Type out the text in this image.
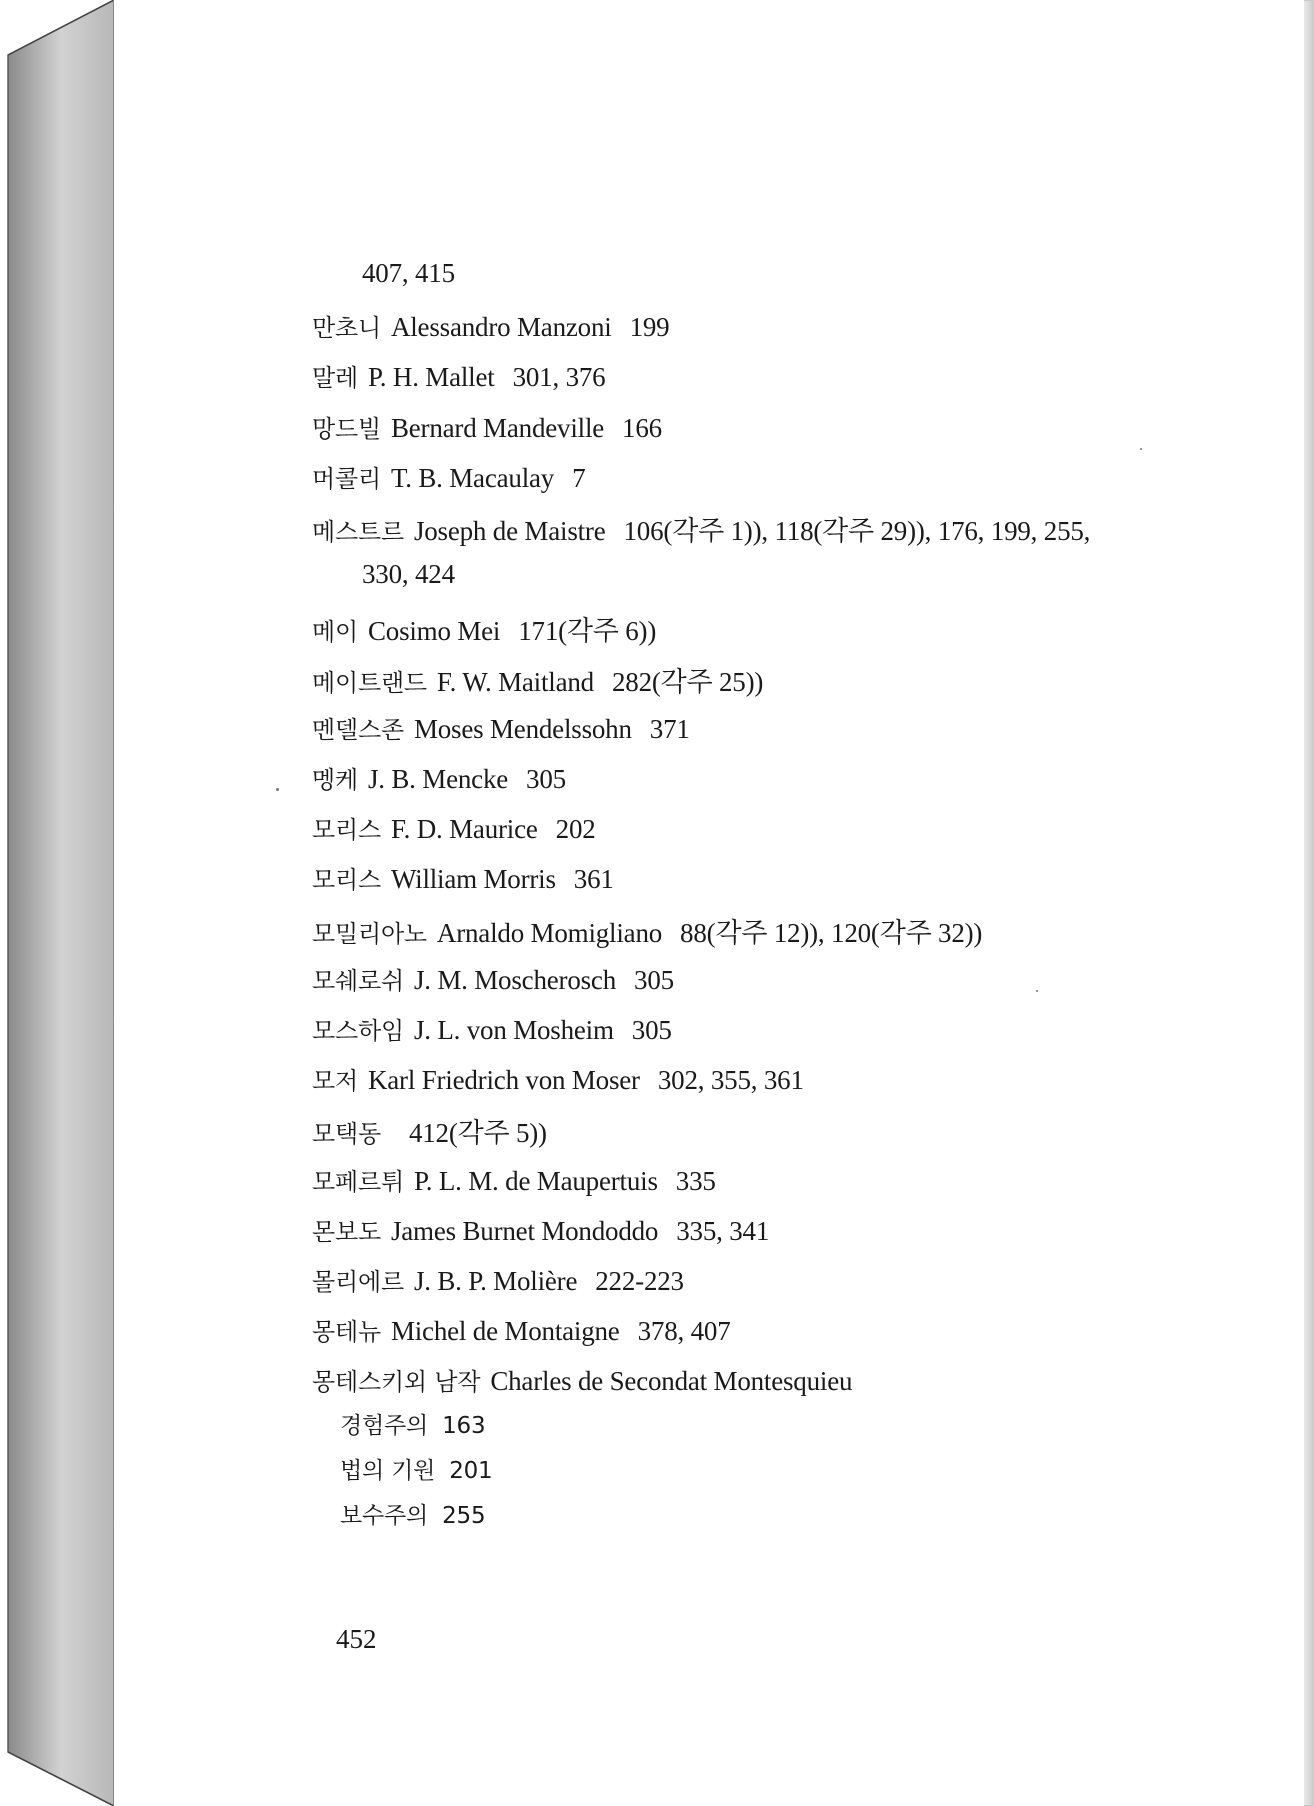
407, 415
만초니 Alessandro Manzoni 199
말레 P. H. Mallet 301, 376
망드빌 Bernard Mandeville 166
머콜리 T. B. Macaulay 7
메스트르 Joseph de Maistre 106(각주 1)), 118(각주 29)), 176, 199, 255,
330, 424
메이 Cosimo Mei 171(각주 6))
메이트랜드 F. W. Maitland 282(각주 25))
멘델스존 Moses Mendelssohn 371
멩케 J. B. Mencke 305
모리스 F. D. Maurice 202
모리스 William Morris 361
모밀리아노 Arnaldo Momigliano 88(각주 12)), 120(각주 32))
모쉐로쉬 J. M. Moscherosch 305
모스하임 J. L. von Mosheim 305
모저 Karl Friedrich von Moser 302, 355, 361
모택동 412(각주 5))
모페르튀 P. L. M. de Maupertuis 335
몬보도 James Burnet Mondoddo 335, 341
몰리에르 J. B. P. Molière 222-223
몽테뉴 Michel de Montaigne 378, 407
몽테스키외 남작 Charles de Secondat Montesquieu
경험주의 163
법의 기원 201
보수주의 255
452
